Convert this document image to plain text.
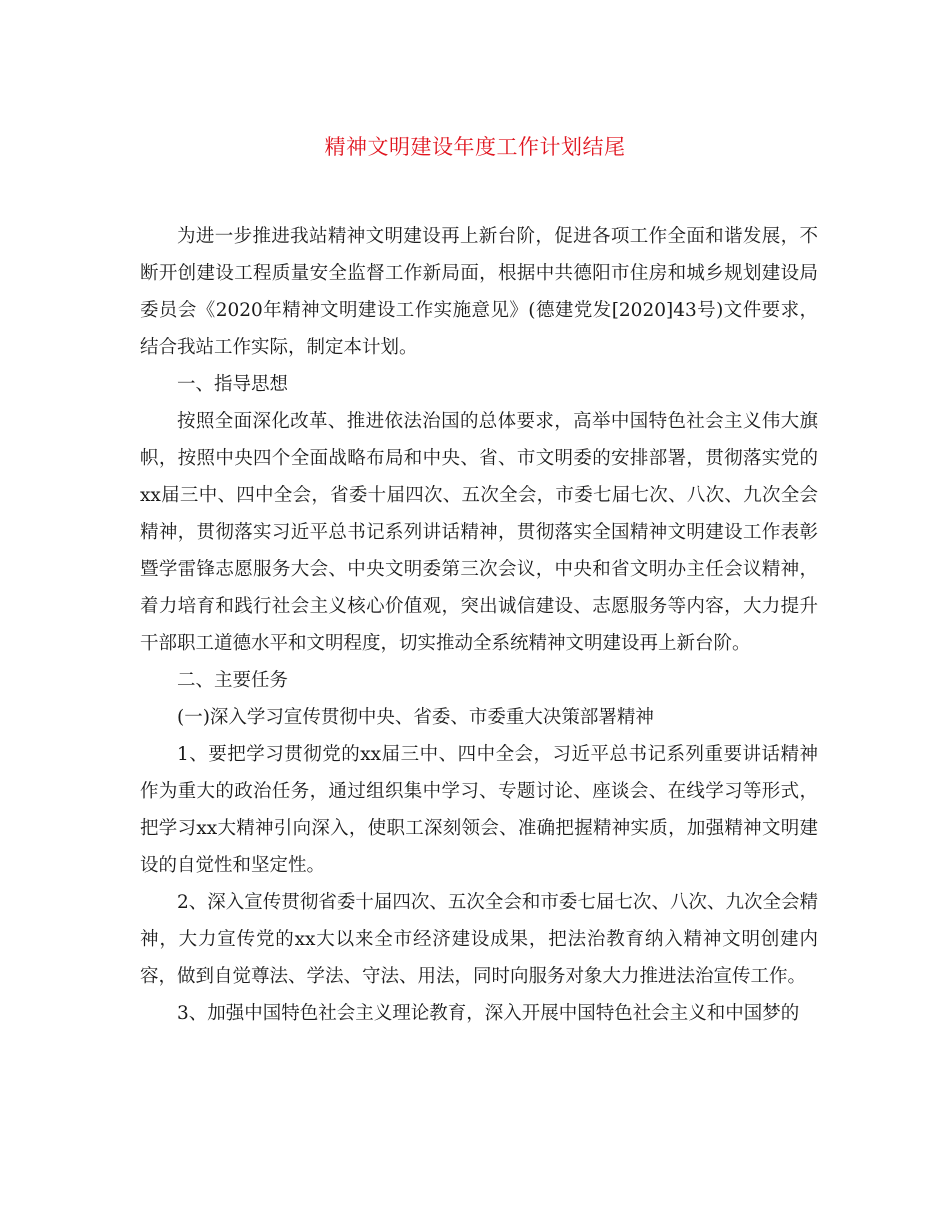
精神文明建设年度工作计划结尾

为进一步推进我站精神文明建设再上新台阶，促进各项工作全面和谐发展，不断开创建设工程质量安全监督工作新局面，根据中共德阳市住房和城乡规划建设局委员会《2020年精神文明建设工作实施意见》(德建党发[2020]43号)文件要求，结合我站工作实际，制定本计划。

一、指导思想

按照全面深化改革、推进依法治国的总体要求，高举中国特色社会主义伟大旗帜，按照中央四个全面战略布局和中央、省、市文明委的安排部署，贯彻落实党的xx届三中、四中全会，省委十届四次、五次全会，市委七届七次、八次、九次全会精神，贯彻落实习近平总书记系列讲话精神，贯彻落实全国精神文明建设工作表彰暨学雷锋志愿服务大会、中央文明委第三次会议，中央和省文明办主任会议精神，着力培育和践行社会主义核心价值观，突出诚信建设、志愿服务等内容，大力提升干部职工道德水平和文明程度，切实推动全系统精神文明建设再上新台阶。

二、主要任务

(一)深入学习宣传贯彻中央、省委、市委重大决策部署精神

1、要把学习贯彻党的xx届三中、四中全会，习近平总书记系列重要讲话精神作为重大的政治任务，通过组织集中学习、专题讨论、座谈会、在线学习等形式，把学习xx大精神引向深入，使职工深刻领会、准确把握精神实质，加强精神文明建设的自觉性和坚定性。

2、深入宣传贯彻省委十届四次、五次全会和市委七届七次、八次、九次全会精神，大力宣传党的xx大以来全市经济建设成果，把法治教育纳入精神文明创建内容，做到自觉尊法、学法、守法、用法，同时向服务对象大力推进法治宣传工作。

3、加强中国特色社会主义理论教育，深入开展中国特色社会主义和中国梦的
